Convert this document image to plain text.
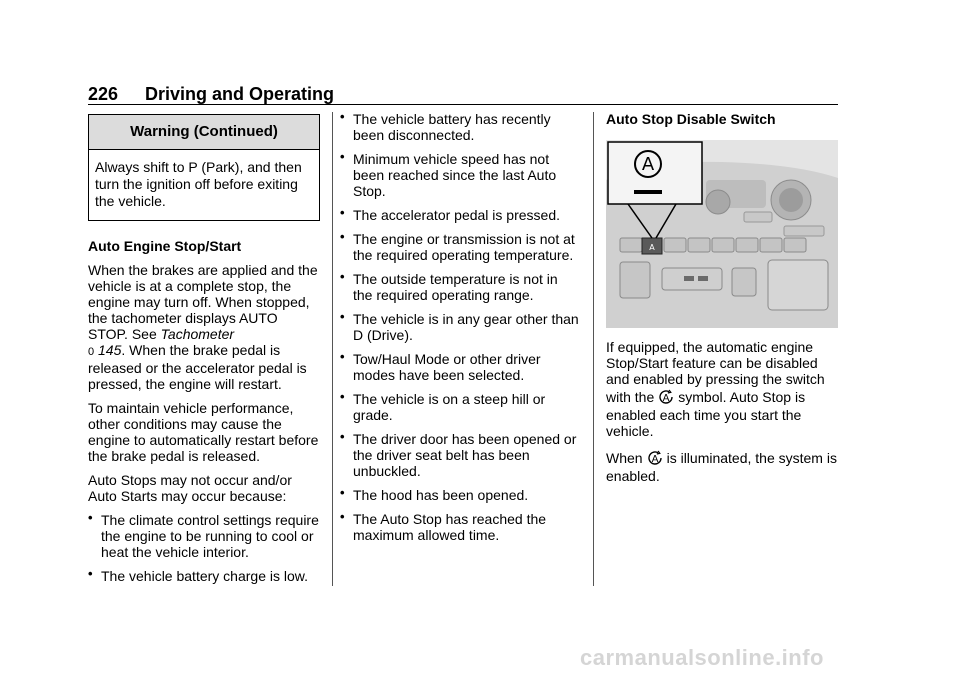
226 Driving and Operating
Warning (Continued)
Always shift to P (Park), and then
turn the ignition off before exiting
the vehicle.
Auto Engine Stop/Start

When the brakes are applied and the vehicle is at a complete stop, the engine may turn off. When stopped, the tachometer displays AUTO STOP. See Tachometer
0 145. When the brake pedal is released or the accelerator pedal is pressed, the engine will restart.

To maintain vehicle performance, other conditions may cause the engine to automatically restart before the brake pedal is released.

Auto Stops may not occur and/or Auto Starts may occur because:

• The climate control settings require the engine to be running to cool or heat the vehicle interior.
• The vehicle battery charge is low.
• The vehicle battery has recently been disconnected.
• Minimum vehicle speed has not been reached since the last Auto Stop.
• The accelerator pedal is pressed.
• The engine or transmission is not at the required operating temperature.
• The outside temperature is not in the required operating range.
• The vehicle is in any gear other than D (Drive).
• Tow/Haul Mode or other driver modes have been selected.
• The vehicle is on a steep hill or grade.
• The driver door has been opened or the driver seat belt has been unbuckled.
• The hood has been opened.
• The Auto Stop has reached the maximum allowed time.
Auto Stop Disable Switch
A
A

If equipped, the automatic engine Stop/Start feature can be disabled and enabled by pressing the switch with the A symbol. Auto Stop is enabled each time you start the vehicle.

When A is illuminated, the system is enabled.

carmanualsonline.info
